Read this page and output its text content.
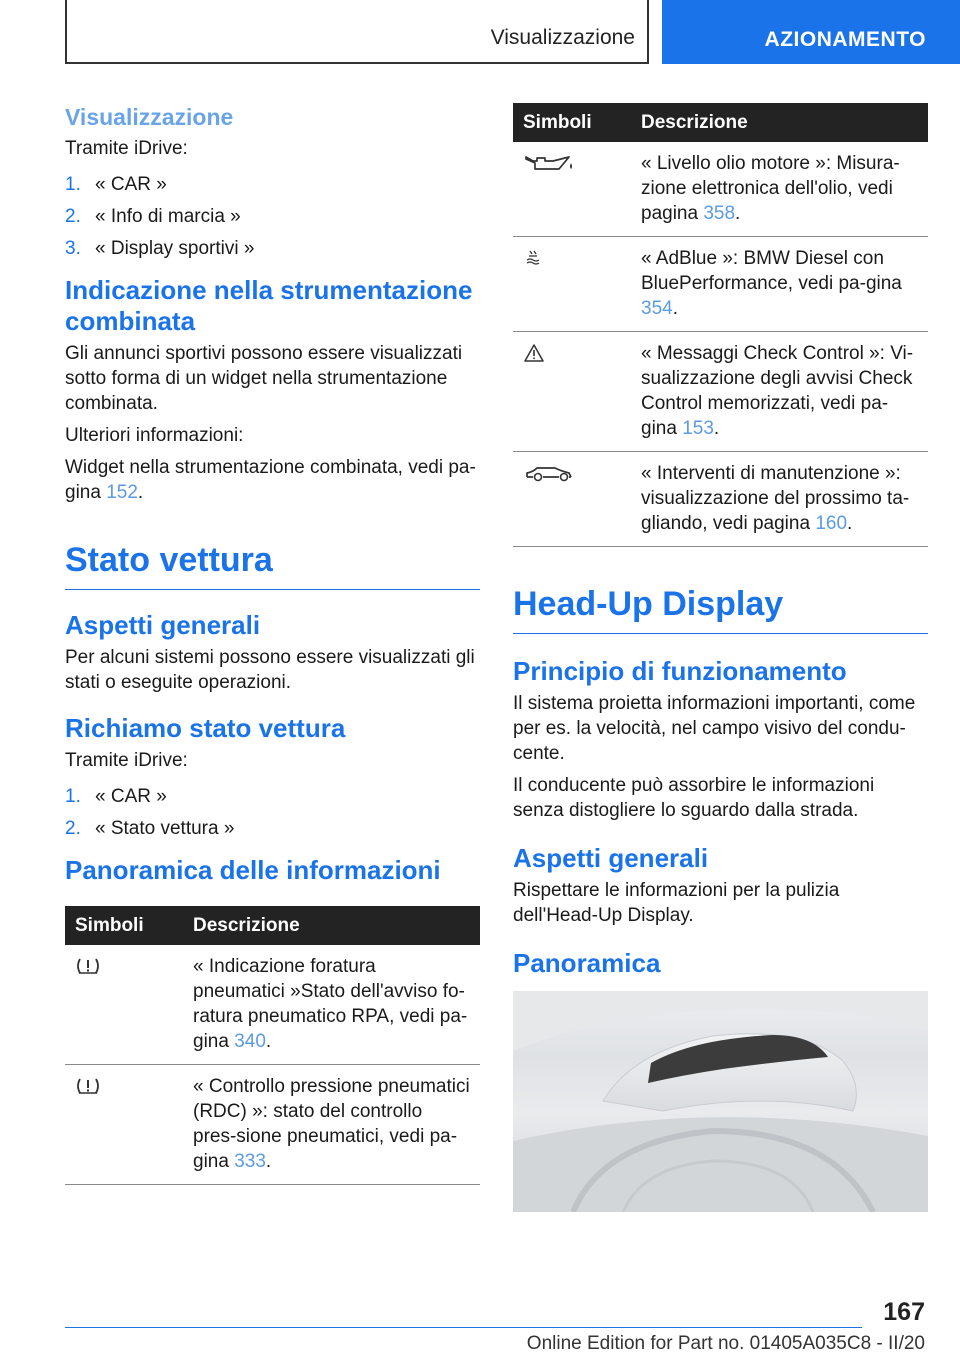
Visualizzazione	AZIONAMENTO
Visualizzazione

Tramite iDrive:

1. « CAR »
2. « Info di marcia »
3. « Display sportivi »
Indicazione nella strumentazione combinata

Gli annunci sportivi possono essere visualizzati sotto forma di un widget nella strumentazione combinata.

Ulteriori informazioni:

Widget nella strumentazione combinata, vedi pa-gina 152.

Stato vettura
Aspetti generali

Per alcuni sistemi possono essere visualizzati gli stati o eseguite operazioni.

Richiamo stato vettura

Tramite iDrive:

1. « CAR »
2. « Stato vettura »
Panoramica delle informazioni
Simboli	Descrizione

	« Indicazione foratura pneumatici »Stato dell'avviso fo-ratura pneumatico RPA, vedi pa-gina 340.

	« Controllo pressione pneumatici (RDC) »: stato del controllo pres-sione pneumatici, vedi pa-gina 333.
Simboli	Descrizione

	« Livello olio motore »: Misura-zione elettronica dell'olio, vedi pagina 358.

	« AdBlue »: BMW Diesel con BluePerformance, vedi pa-gina 354.

	« Messaggi Check Control »: Vi-sualizzazione degli avvisi Check Control memorizzati, vedi pa-gina 153.

	« Interventi di manutenzione »: visualizzazione del prossimo ta-gliando, vedi pagina 160.
Head-Up Display
Principio di funzionamento

Il sistema proietta informazioni importanti, come per es. la velocità, nel campo visivo del condu-cente.

Il conducente può assorbire le informazioni senza distogliere lo sguardo dalla strada.

Aspetti generali

Rispettare le informazioni per la pulizia dell'Head-Up Display.

Panoramica
167
Online Edition for Part no. 01405A035C8 - II/20
